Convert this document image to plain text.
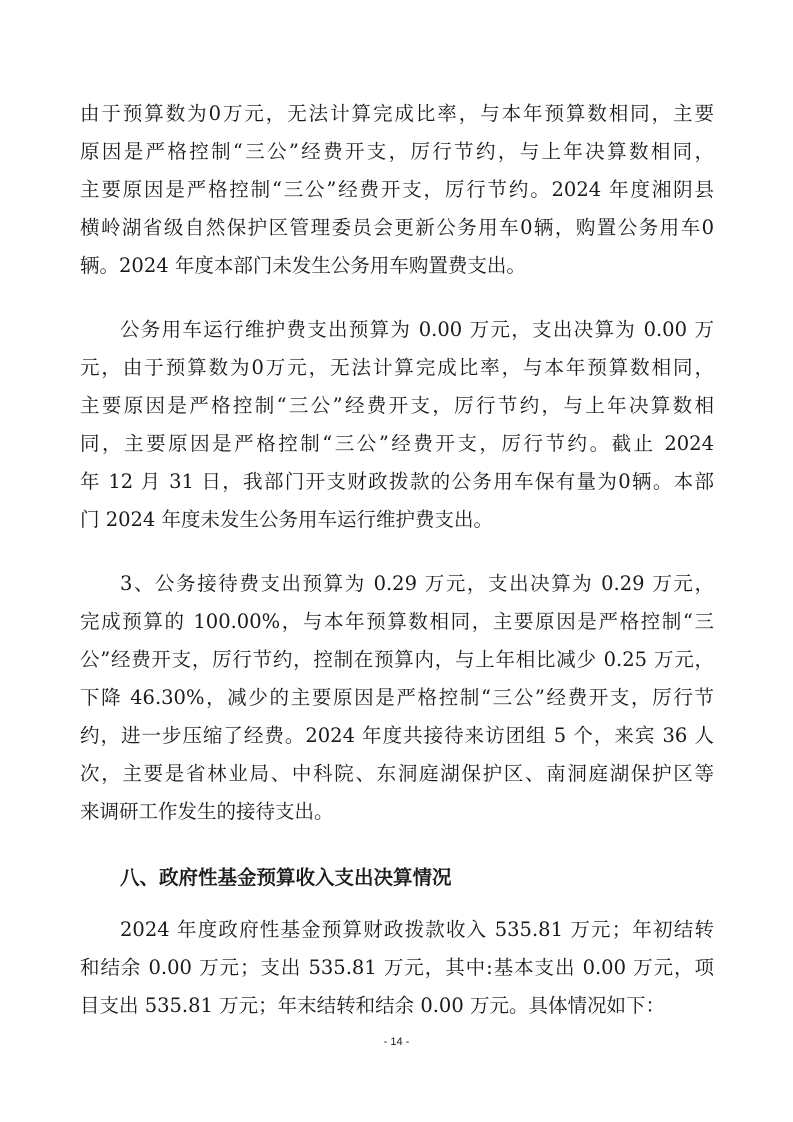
由于预算数为0万元，无法计算完成比率，与本年预算数相同，主要
原因是严格控制“三公”经费开支，厉行节约，与上年决算数相同，
主要原因是严格控制“三公”经费开支，厉行节约。2024 年度湘阴县
横岭湖省级自然保护区管理委员会更新公务用车0辆，购置公务用车0
辆。2024 年度本部门未发生公务用车购置费支出。
公务用车运行维护费支出预算为 0.00 万元，支出决算为 0.00 万
元，由于预算数为0万元，无法计算完成比率，与本年预算数相同，
主要原因是严格控制“三公”经费开支，厉行节约，与上年决算数相
同，主要原因是严格控制“三公”经费开支，厉行节约。截止 2024
年 12 月 31 日，我部门开支财政拨款的公务用车保有量为0辆。本部
门 2024 年度未发生公务用车运行维护费支出。
3、公务接待费支出预算为 0.29 万元，支出决算为 0.29 万元，
完成预算的 100.00%，与本年预算数相同，主要原因是严格控制“三
公”经费开支，厉行节约，控制在预算内，与上年相比减少 0.25 万元，
下降 46.30%，减少的主要原因是严格控制“三公”经费开支，厉行节
约，进一步压缩了经费。2024 年度共接待来访团组 5 个，来宾 36 人
次，主要是省林业局、中科院、东洞庭湖保护区、南洞庭湖保护区等
来调研工作发生的接待支出。
八、政府性基金预算收入支出决算情况
2024 年度政府性基金预算财政拨款收入 535.81 万元；年初结转
和结余 0.00 万元；支出 535.81 万元，其中:基本支出 0.00 万元，项
目支出 535.81 万元；年末结转和结余 0.00 万元。具体情况如下：
- 14 -
